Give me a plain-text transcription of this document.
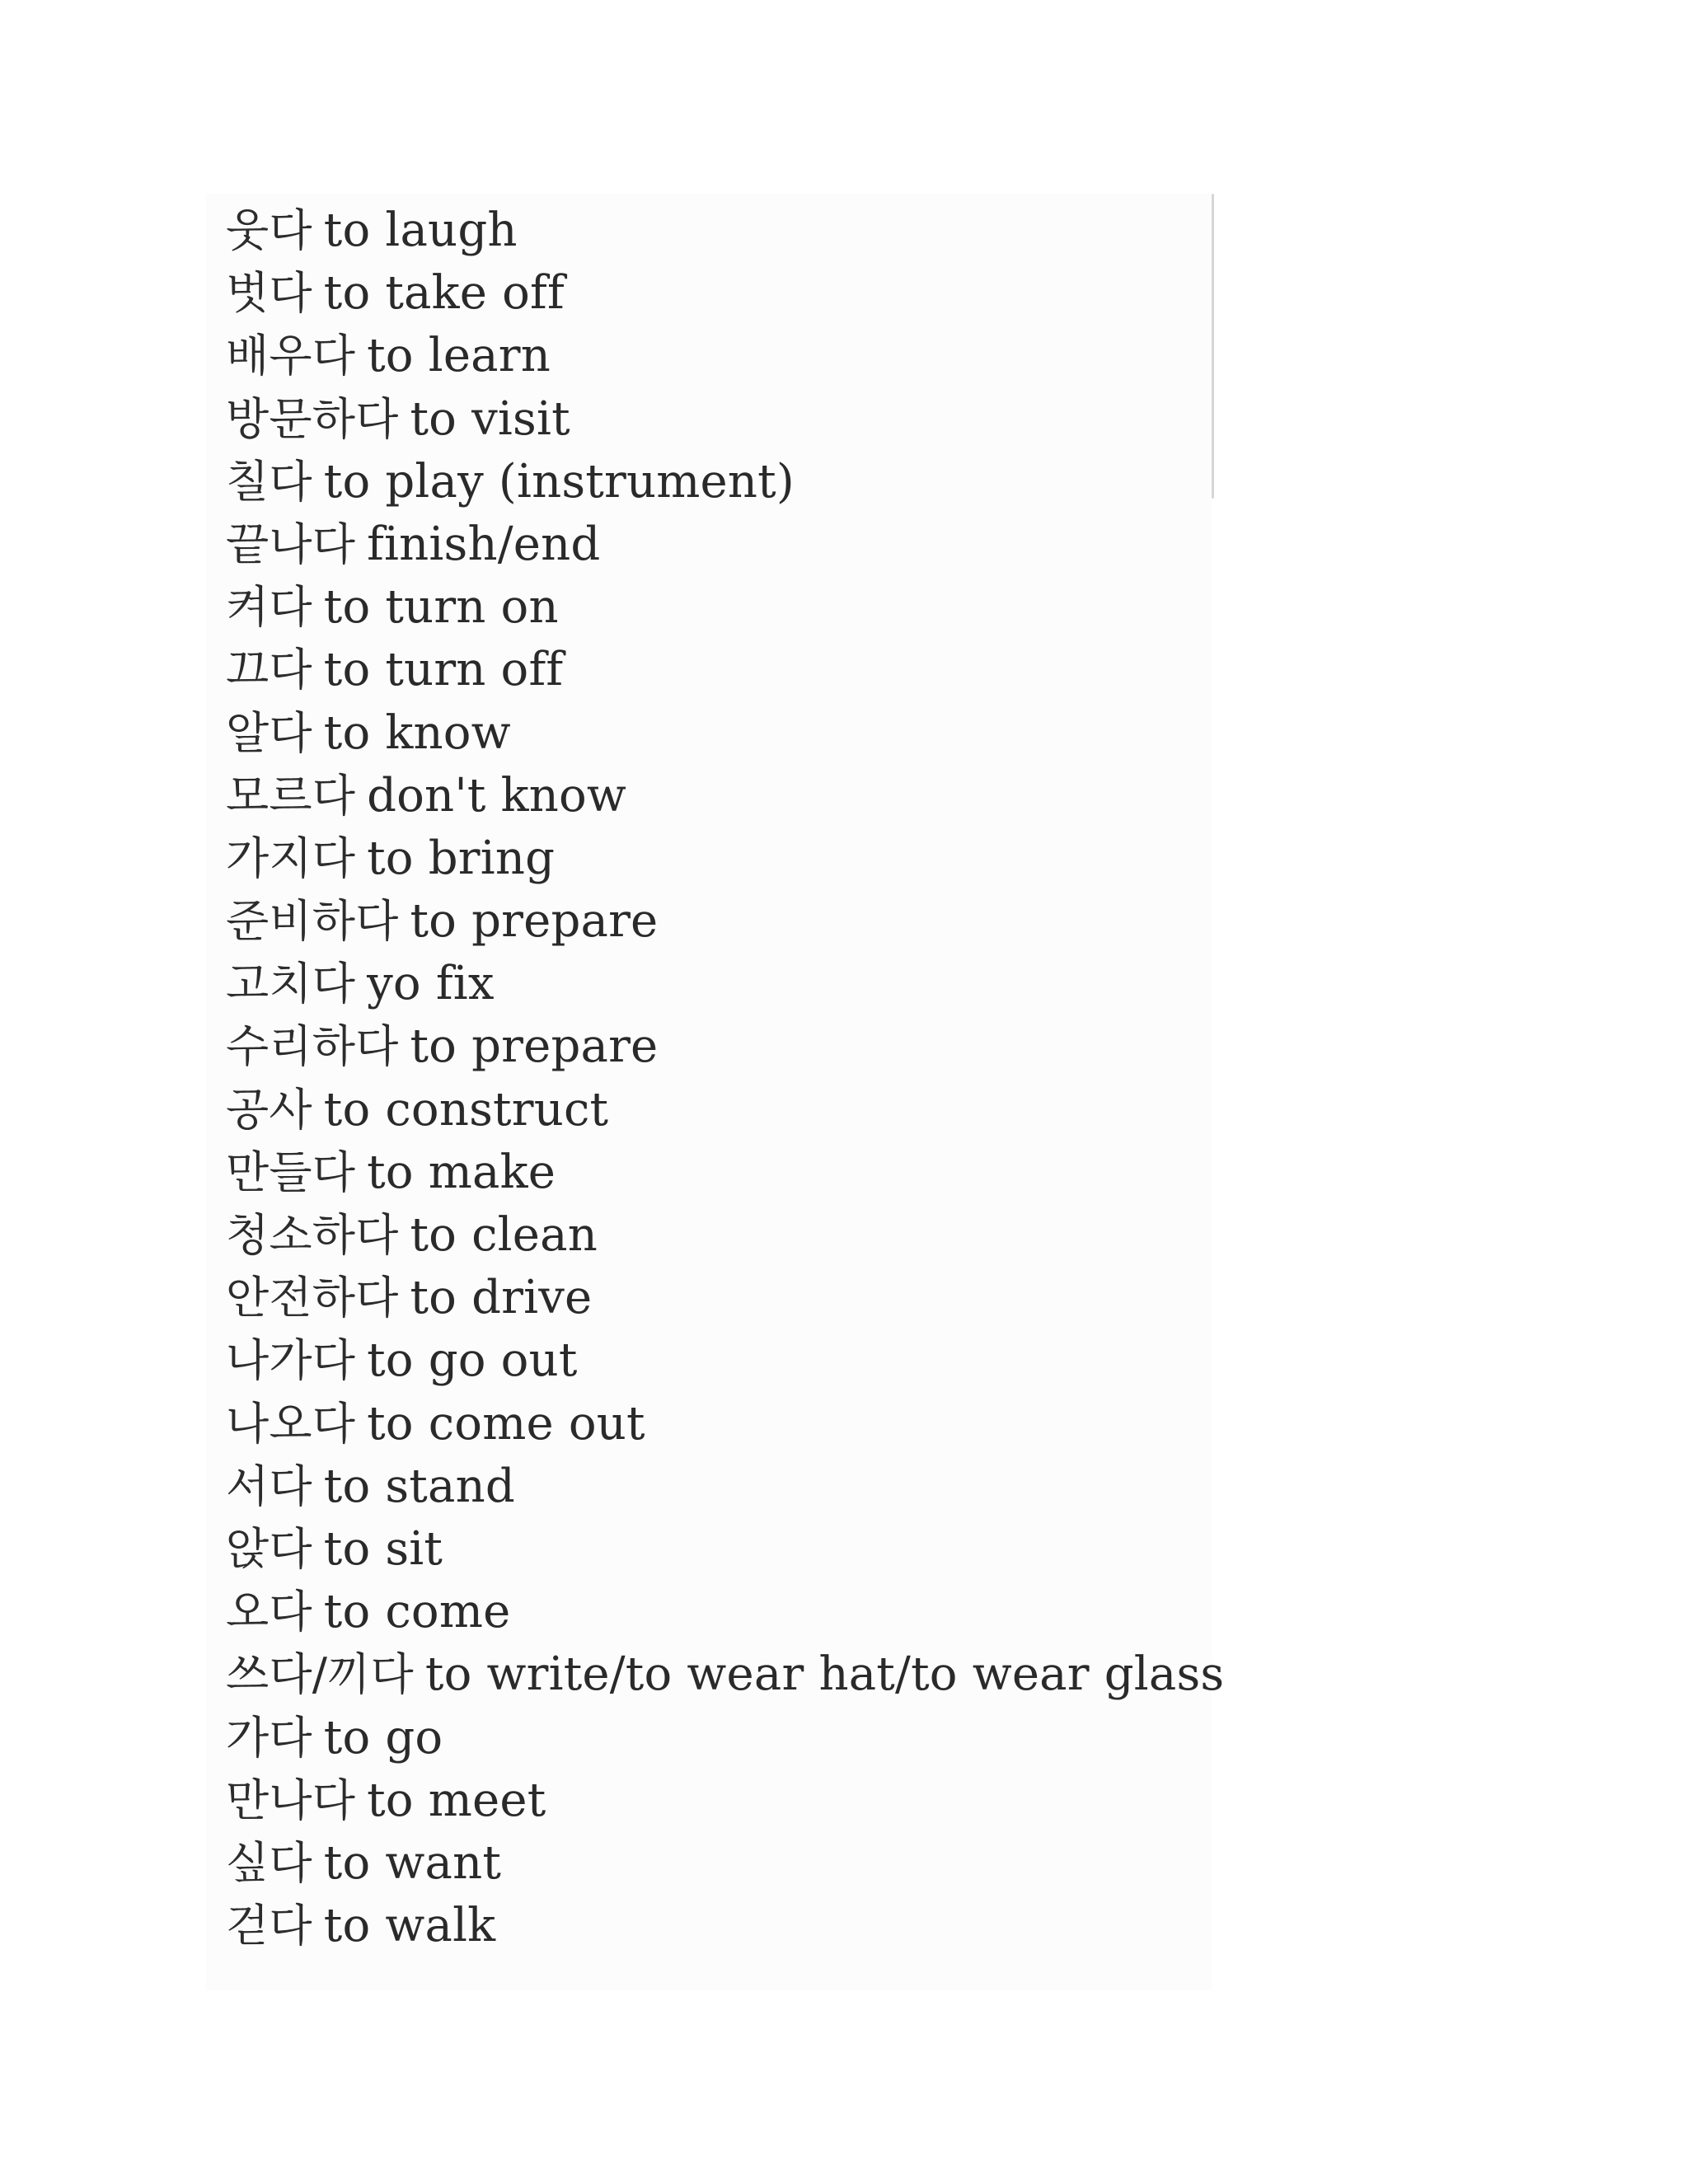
웃다 to laugh
벗다 to take off
배우다 to learn
방문하다 to visit
칠다 to play (instrument)
끝나다 finish/end
켜다 to turn on
끄다 to turn off
알다 to know
모르다 don't know
가지다 to bring
준비하다 to prepare
고치다 yo fix
수리하다 to prepare
공사 to construct
만들다 to make
청소하다 to clean
안전하다 to drive
나가다 to go out
나오다 to come out
서다 to stand
앉다 to sit
오다 to come
쓰다/끼다 to write/to wear hat/to wear glass
가다 to go
만나다 to meet
싶다 to want
걷다 to walk
